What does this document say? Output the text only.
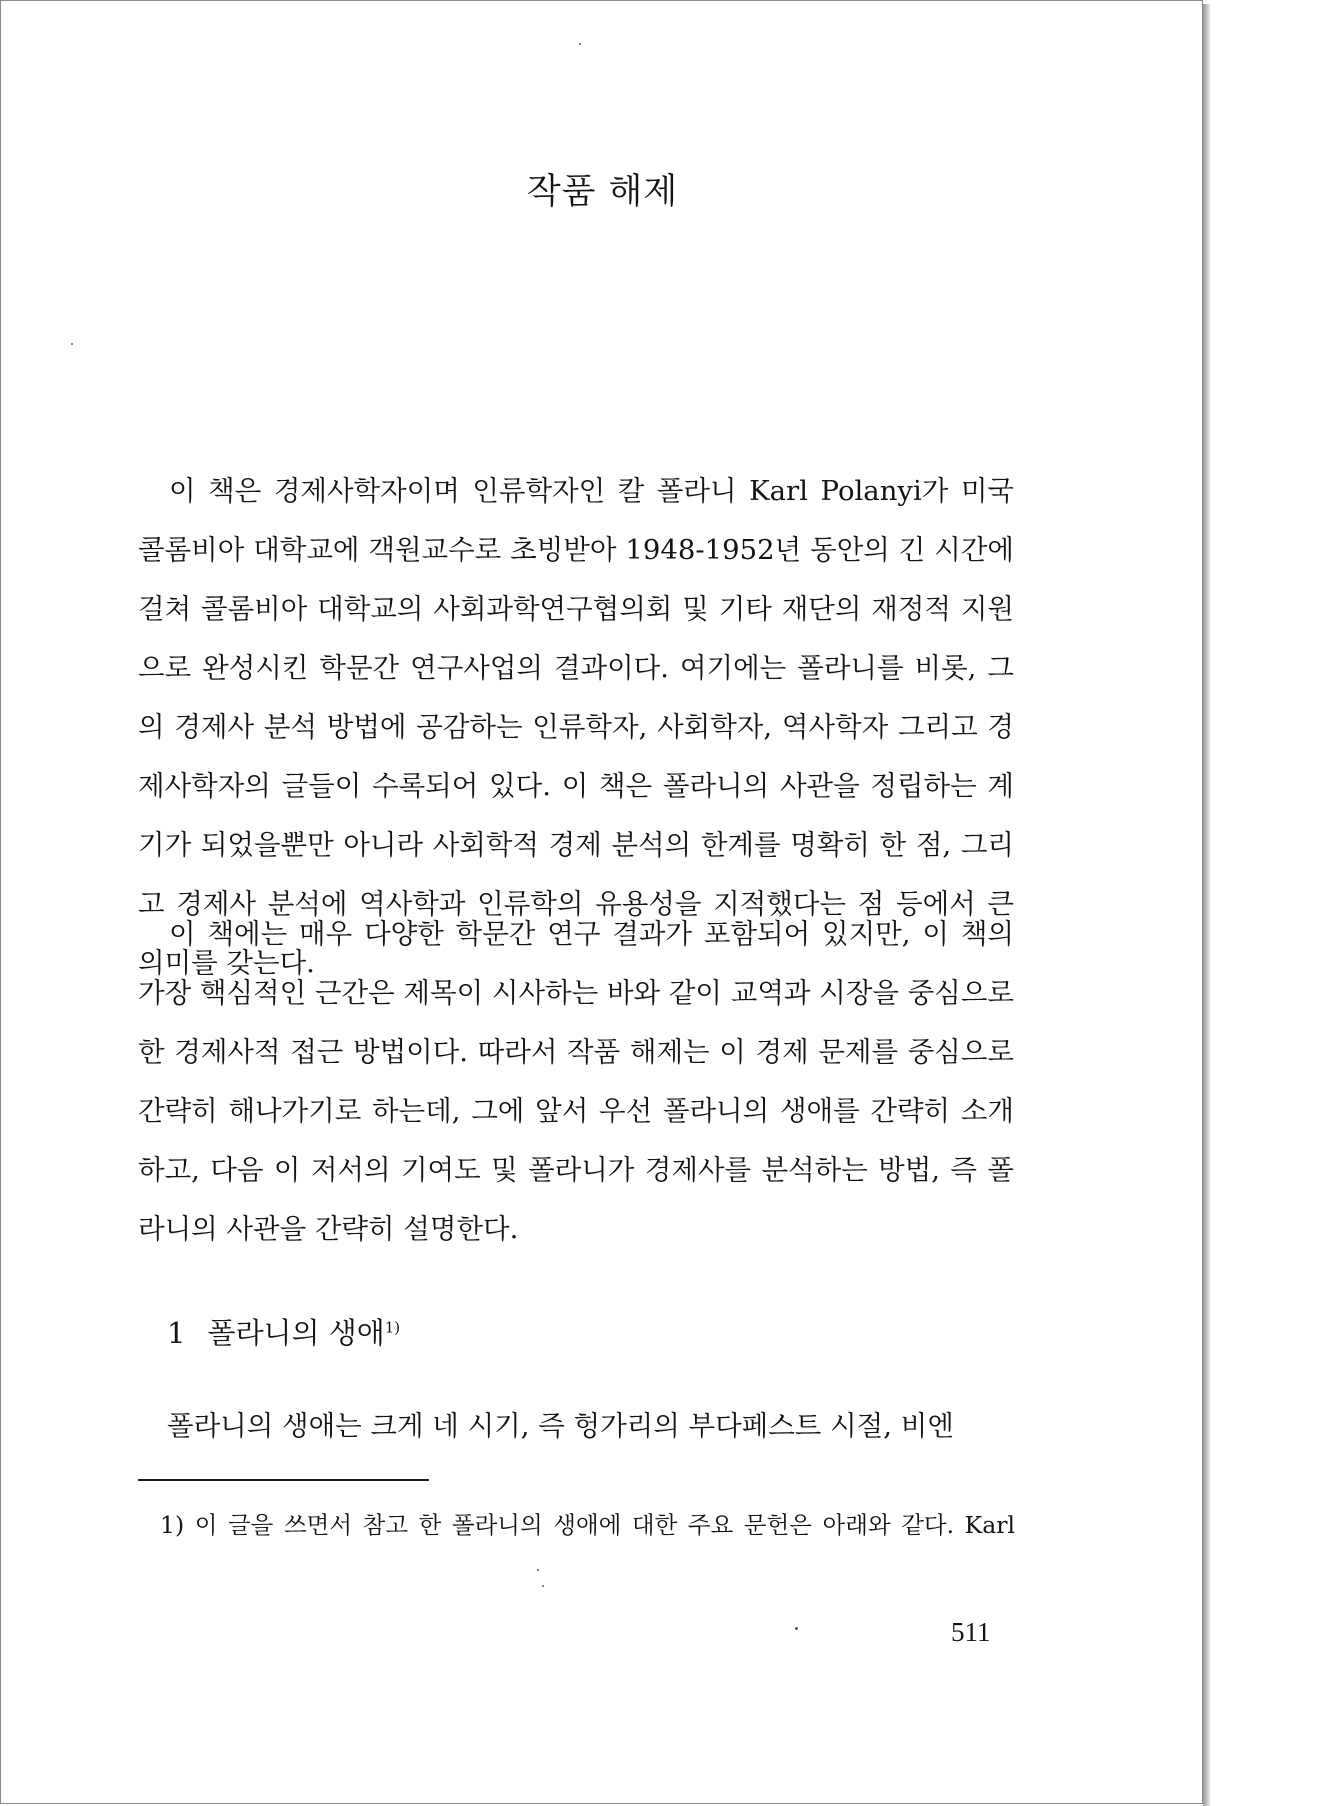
작품 해제

이 책은 경제사학자이며 인류학자인 칼 폴라니 Karl Polanyi가 미국 콜롬비아 대학교에 객원교수로 초빙받아 1948-1952년 동안의 긴 시간에 걸쳐 콜롬비아 대학교의 사회과학연구협의회 및 기타 재단의 재정적 지원으로 완성시킨 학문간 연구사업의 결과이다. 여기에는 폴라니를 비롯, 그의 경제사 분석 방법에 공감하는 인류학자, 사회학자, 역사학자 그리고 경제사학자의 글들이 수록되어 있다. 이 책은 폴라니의 사관을 정립하는 계기가 되었을뿐만 아니라 사회학적 경제 분석의 한계를 명확히 한 점, 그리고 경제사 분석에 역사학과 인류학의 유용성을 지적했다는 점 등에서 큰 의미를 갖는다.

이 책에는 매우 다양한 학문간 연구 결과가 포함되어 있지만, 이 책의 가장 핵심적인 근간은 제목이 시사하는 바와 같이 교역과 시장을 중심으로 한 경제사적 접근 방법이다. 따라서 작품 해제는 이 경제 문제를 중심으로 간략히 해나가기로 하는데, 그에 앞서 우선 폴라니의 생애를 간략히 소개하고, 다음 이 저서의 기여도 및 폴라니가 경제사를 분석하는 방법, 즉 폴라니의 사관을 간략히 설명한다.

1 폴라니의 생애$^{1)}$

폴라니의 생애는 크게 네 시기, 즉 헝가리의 부다페스트 시절, 비엔

1) 이 글을 쓰면서 참고 한 폴라니의 생애에 대한 주요 문헌은 아래와 같다. Karl

511
